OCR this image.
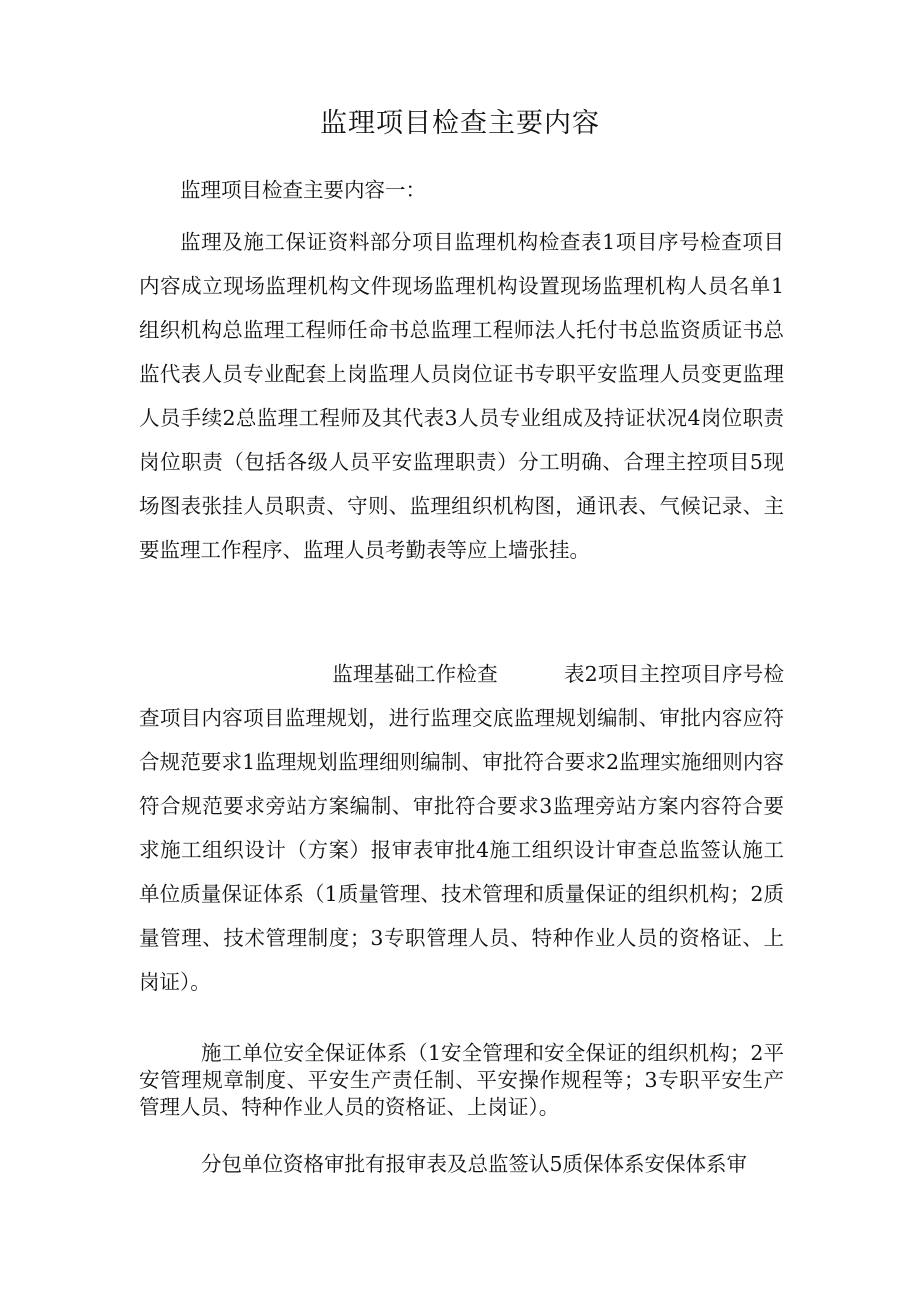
监理项目检查主要内容

监理项目检查主要内容一：

监理及施工保证资料部分项目监理机构检查表1项目序号检查项目内容成立现场监理机构文件现场监理机构设置现场监理机构人员名单1组织机构总监理工程师任命书总监理工程师法人托付书总监资质证书总监代表人员专业配套上岗监理人员岗位证书专职平安监理人员变更监理人员手续2总监理工程师及其代表3人员专业组成及持证状况4岗位职责岗位职责（包括各级人员平安监理职责）分工明确、合理主控项目5现场图表张挂人员职责、守则、监理组织机构图，通讯表、气候记录、主要监理工作程序、监理人员考勤表等应上墙张挂。

监理基础工作检查	表2项目主控项目序号检查项目内容项目监理规划，进行监理交底监理规划编制、审批内容应符合规范要求1监理规划监理细则编制、审批符合要求2监理实施细则内容符合规范要求旁站方案编制、审批符合要求3监理旁站方案内容符合要求施工组织设计（方案）报审表审批4施工组织设计审查总监签认施工单位质量保证体系（1质量管理、技术管理和质量保证的组织机构；2质量管理、技术管理制度；3专职管理人员、特种作业人员的资格证、上岗证）。

施工单位安全保证体系（1安全管理和安全保证的组织机构；2平安管理规章制度、平安生产责任制、平安操作规程等；3专职平安生产管理人员、特种作业人员的资格证、上岗证）。

分包单位资格审批有报审表及总监签认5质保体系安保体系审
